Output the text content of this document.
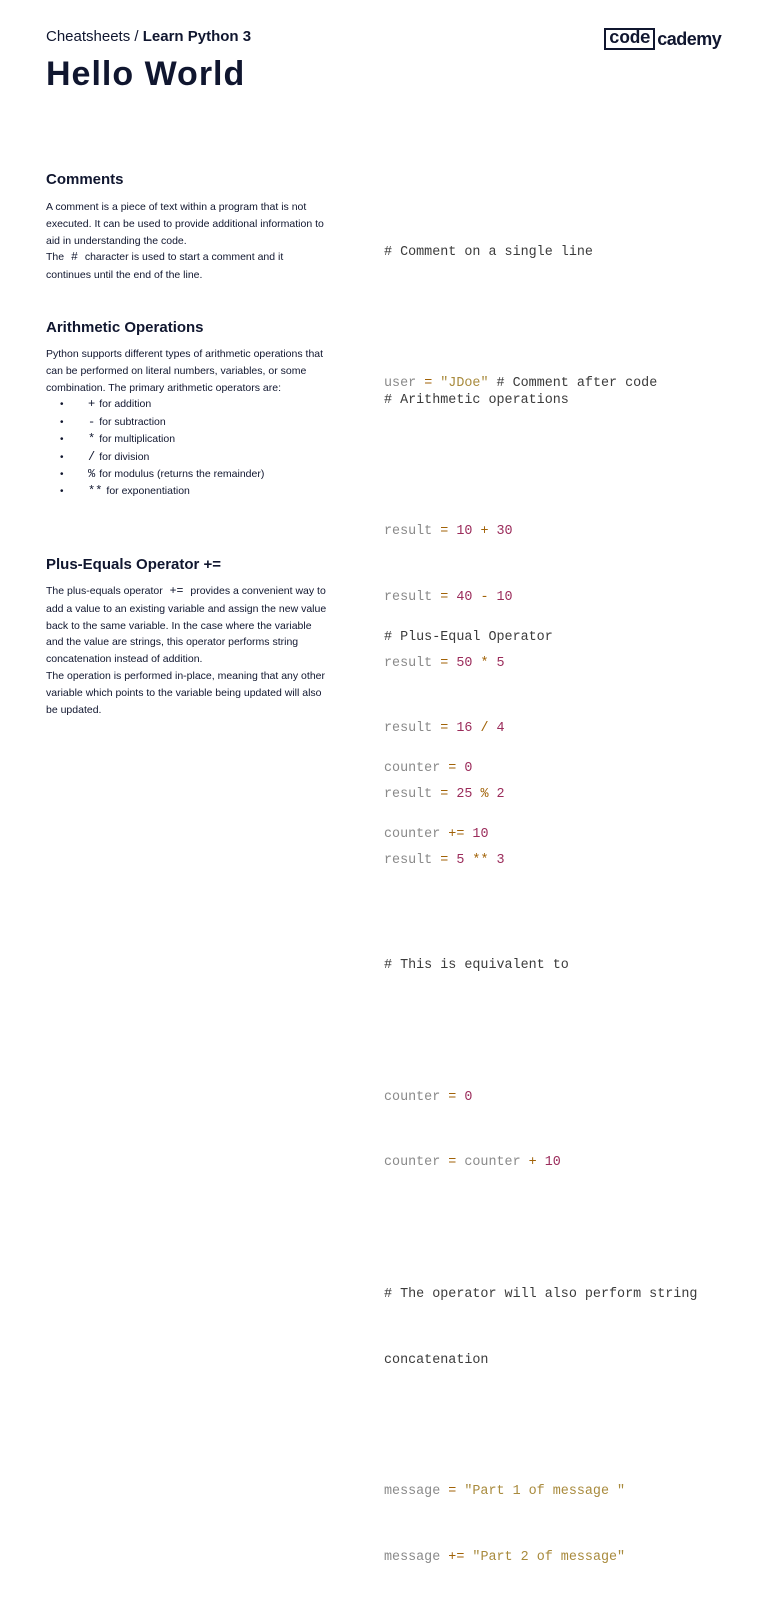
Cheatsheets / Learn Python 3	code cademy
Hello World
Comments

A comment is a piece of text within a program that is not executed. It can be used to provide additional information to aid in understanding the code.

The # character is used to start a comment and it continues until the end of the line.

# Comment on a single line

user = "JDoe" # Comment after code

Arithmetic Operations

Python supports different types of arithmetic operations that can be performed on literal numbers, variables, or some combination. The primary arithmetic operators are:

• + for addition
• - for subtraction
• * for multiplication
• / for division
• % for modulus (returns the remainder)
• ** for exponentiation

# Arithmetic operations

result = 10 + 30

result = 40 - 10

result = 50 * 5

result = 16 / 4

result = 25 % 2

result = 5 ** 3

Plus-Equals Operator +=

The plus-equals operator += provides a convenient way to add a value to an existing variable and assign the new value back to the same variable. In the case where the variable and the value are strings, this operator performs string concatenation instead of addition.

The operation is performed in-place, meaning that any other variable which points to the variable being updated will also be updated.

# Plus-Equal Operator

counter = 0

counter += 10

# This is equivalent to

counter = 0

counter = counter + 10

# The operator will also perform string

concatenation

message = "Part 1 of message "

message += "Part 2 of message"
